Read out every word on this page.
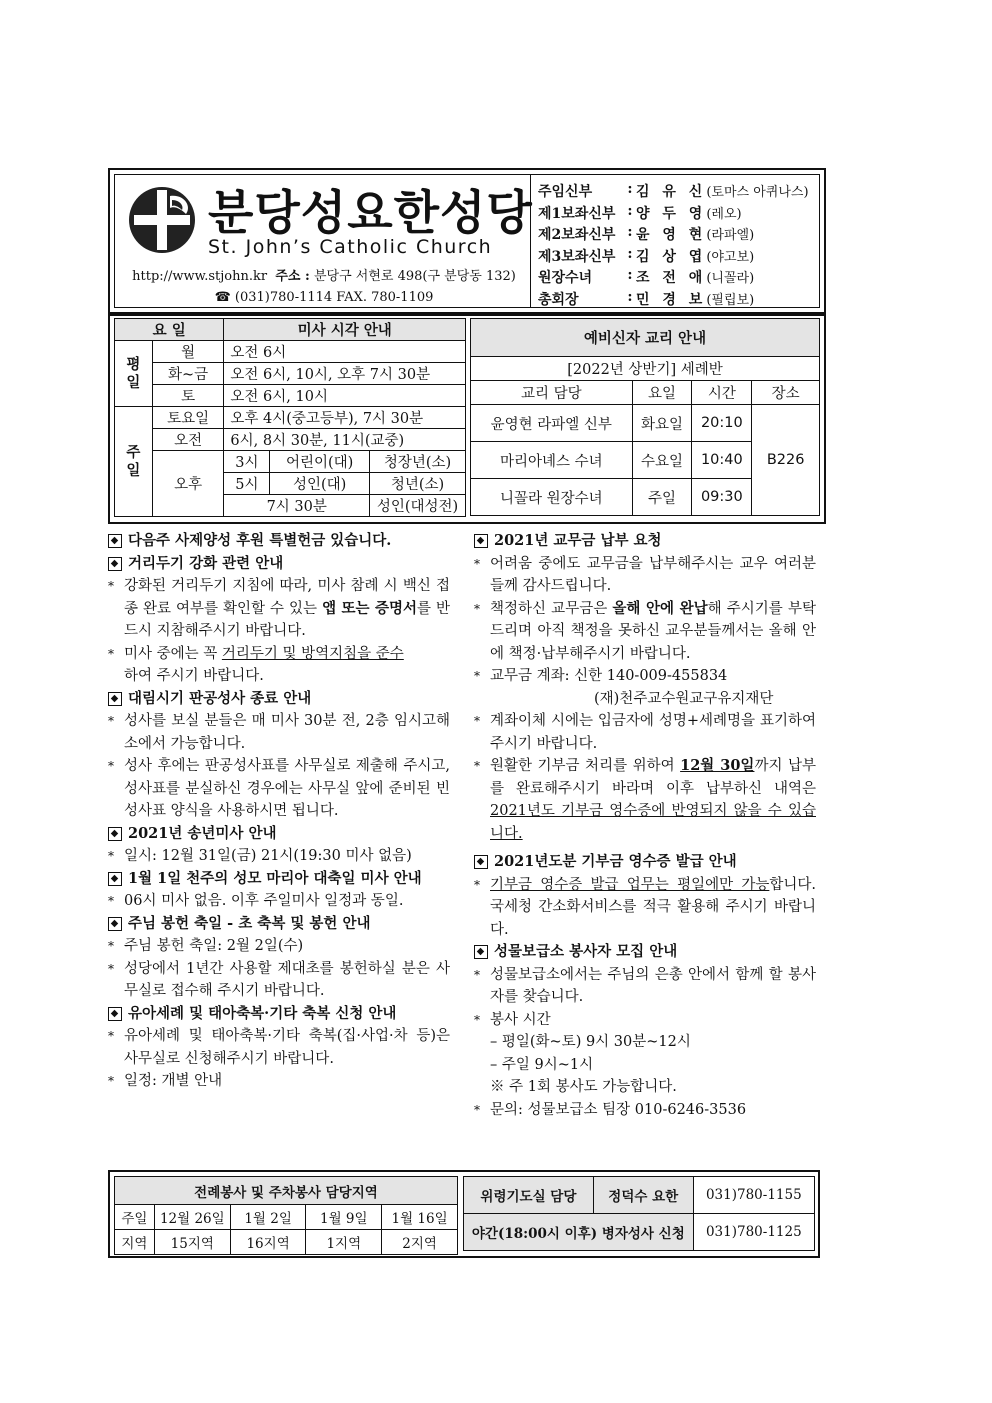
분당성요한성당
St. John’s Catholic Church
http://www.stjohn.kr 주소 : 분당구 서현로 498(구 분당동 132)
☎ (031)780-1114 FAX. 780-1109
주임신부	: 김 유 신 (토마스 아퀴나스)
제1보좌신부 : 양 두 영 (레오)
제2보좌신부 : 윤 영 현 (라파엘)
제3보좌신부 : 김 상 엽 (야고보)
원장수녀	: 조 전 애 (니꼴라)
총회장	: 민 경 보 (필립보)
요 일		미사 시각 안내		
평
일	월	오전 6시		
	화~금	오전 6시, 10시, 오후 7시 30분		
	토	오전 6시, 10시		
주
일	토요일	오후 4시(중고등부), 7시 30분		
	오전	6시, 8시 30분, 11시(교중)		
	오후	3시	어린이(대)	청장년(소)
		5시	성인(대)	청년(소)
		7시 30분		성인(대성전)
예비신자 교리 안내			
[2022년 상반기] 세례반			
교리 담당	요일	시간	장소
윤영현 라파엘 신부	화요일	20:10	B226
마리아녜스 수녀	수요일	10:40	
니꼴라 원장수녀	주일	09:30	
다음주 사제양성 후원 특별헌금 있습니다.
거리두기 강화 관련 안내
* 강화된 거리두기 지침에 따라, 미사 참례 시 백신 접종 완료 여부를 확인할 수 있는 앱 또는 증명서를 반드시 지참해주시기 바랍니다.
* 미사 중에는 꼭 거리두기 및 방역지침을 준수
하여 주시기 바랍니다.
대림시기 판공성사 종료 안내
* 성사를 보실 분들은 매 미사 30분 전, 2층 임시고해소에서 가능합니다.
* 성사 후에는 판공성사표를 사무실로 제출해 주시고, 성사표를 분실하신 경우에는 사무실 앞에 준비된 빈 성사표 양식을 사용하시면 됩니다.
2021년 송년미사 안내
* 일시: 12월 31일(금) 21시(19:30 미사 없음)
1월 1일 천주의 성모 마리아 대축일 미사 안내
* 06시 미사 없음. 이후 주일미사 일정과 동일.
주님 봉헌 축일 - 초 축복 및 봉헌 안내
* 주님 봉헌 축일: 2월 2일(수)
* 성당에서 1년간 사용할 제대초를 봉헌하실 분은 사무실로 접수해 주시기 바랍니다.
유아세례 및 태아축복·기타 축복 신청 안내
* 유아세례 및 태아축복·기타 축복(집·사업·차 등)은 사무실로 신청해주시기 바랍니다.
* 일정: 개별 안내
2021년 교무금 납부 요청
* 어려움 중에도 교무금을 납부해주시는 교우 여러분들께 감사드립니다.
* 책정하신 교무금은 올해 안에 완납해 주시기를 부탁드리며 아직 책정을 못하신 교우분들께서는 올해 안에 책정·납부해주시기 바랍니다.
* 교무금 계좌: 신한 140-009-455834
(재)천주교수원교구유지재단
* 계좌이체 시에는 입금자에 성명+세례명을 표기하여주시기 바랍니다.
* 원활한 기부금 처리를 위하여 12월 30일까지 납부를 완료해주시기 바라며 이후 납부하신 내역은 2021년도 기부금 영수증에 반영되지 않을 수 있습니다.
2021년도분 기부금 영수증 발급 안내
* 기부금 영수증 발급 업무는 평일에만 가능합니다. 국세청 간소화서비스를 적극 활용해 주시기 바랍니다.
성물보급소 봉사자 모집 안내
* 성물보급소에서는 주님의 은총 안에서 함께 할 봉사자를 찾습니다.
* 봉사 시간
– 평일(화~토) 9시 30분~12시
– 주일 9시~1시
※ 주 1회 봉사도 가능합니다.
* 문의: 성물보급소 팀장 010-6246-3536
전례봉사 및 주차봉사 담당지역				
주일	12월 26일	1월 2일	1월 9일	1월 16일
지역	15지역	16지역	1지역	2지역
위령기도실 담당	정덕수 요한	031)780-1155
야간(18:00시 이후) 병자성사 신청		031)780-1125
